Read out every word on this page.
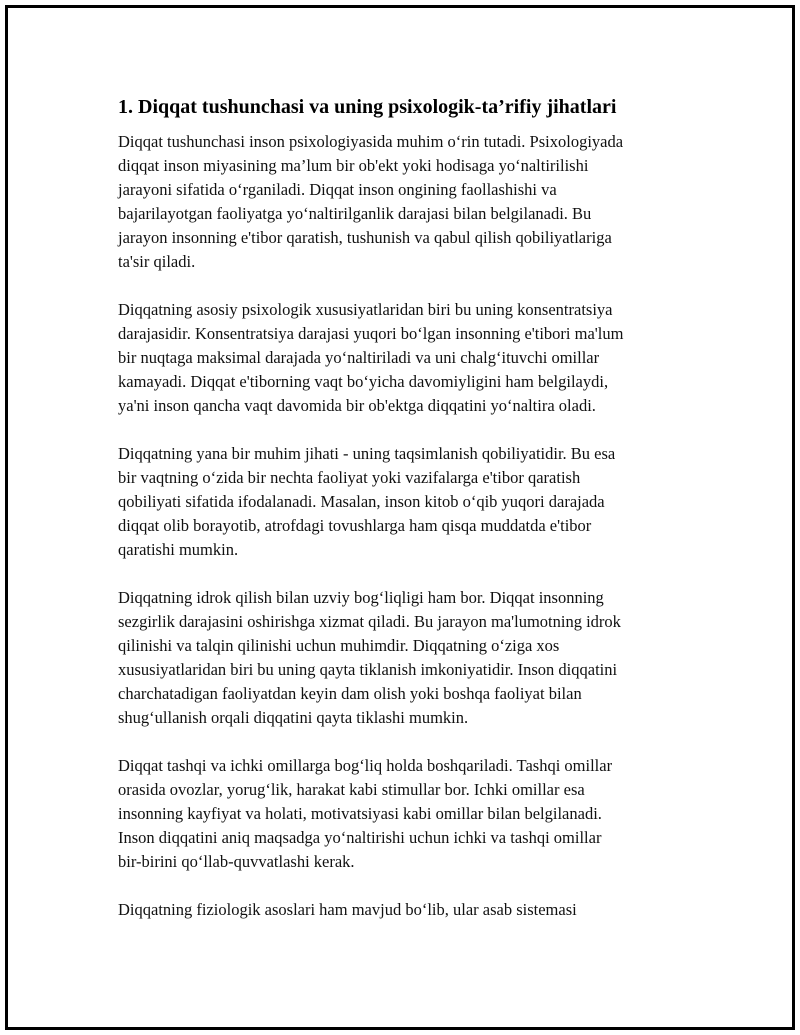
1. Diqqat tushunchasi va uning psixologik-ta’rifiy jihatlari
Diqqat tushunchasi inson psixologiyasida muhim o‘rin tutadi. Psixologiyada
diqqat inson miyasining ma’lum bir ob'ekt yoki hodisaga yo‘naltirilishi
jarayoni sifatida o‘rganiladi. Diqqat inson ongining faollashishi va
bajarilayotgan faoliyatga yo‘naltirilganlik darajasi bilan belgilanadi. Bu
jarayon insonning e'tibor qaratish, tushunish va qabul qilish qobiliyatlariga
ta'sir qiladi.
Diqqatning asosiy psixologik xususiyatlaridan biri bu uning konsentratsiya
darajasidir. Konsentratsiya darajasi yuqori bo‘lgan insonning e'tibori ma'lum
bir nuqtaga maksimal darajada yo‘naltiriladi va uni chalg‘ituvchi omillar
kamayadi. Diqqat e'tiborning vaqt bo‘yicha davomiyligini ham belgilaydi,
ya'ni inson qancha vaqt davomida bir ob'ektga diqqatini yo‘naltira oladi.
Diqqatning yana bir muhim jihati - uning taqsimlanish qobiliyatidir. Bu esa
bir vaqtning o‘zida bir nechta faoliyat yoki vazifalarga e'tibor qaratish
qobiliyati sifatida ifodalanadi. Masalan, inson kitob o‘qib yuqori darajada
diqqat olib borayotib, atrofdagi tovushlarga ham qisqa muddatda e'tibor
qaratishi mumkin.
Diqqatning idrok qilish bilan uzviy bog‘liqligi ham bor. Diqqat insonning
sezgirlik darajasini oshirishga xizmat qiladi. Bu jarayon ma'lumotning idrok
qilinishi va talqin qilinishi uchun muhimdir. Diqqatning o‘ziga xos
xususiyatlaridan biri bu uning qayta tiklanish imkoniyatidir. Inson diqqatini
charchatadigan faoliyatdan keyin dam olish yoki boshqa faoliyat bilan
shug‘ullanish orqali diqqatini qayta tiklashi mumkin.
Diqqat tashqi va ichki omillarga bog‘liq holda boshqariladi. Tashqi omillar
orasida ovozlar, yorug‘lik, harakat kabi stimullar bor. Ichki omillar esa
insonning kayfiyat va holati, motivatsiyasi kabi omillar bilan belgilanadi.
Inson diqqatini aniq maqsadga yo‘naltirishi uchun ichki va tashqi omillar
bir-birini qo‘llab-quvvatlashi kerak.
Diqqatning fiziologik asoslari ham mavjud bo‘lib, ular asab sistemasi
